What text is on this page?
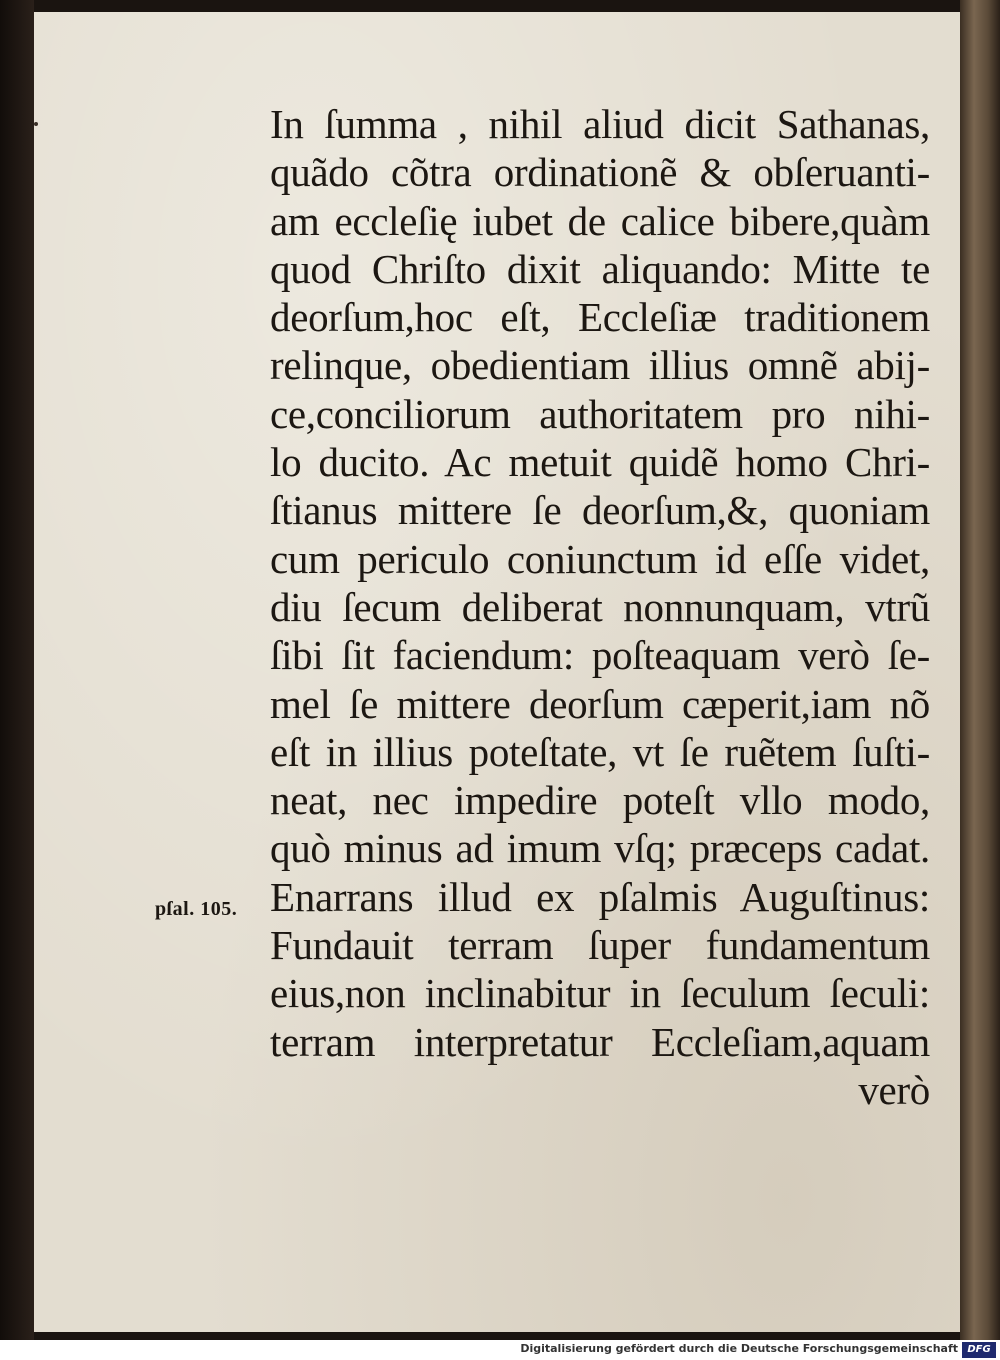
pſal. 105.
In ſumma , nihil aliud dicit Sathanas,
quãdo cõtra ordinationẽ & obſeruanti-
am eccleſię iubet de calice bibere,quàm
quod Chriſto dixit aliquando: Mitte te
deorſum,hoc eſt, Eccleſiæ traditionem
relinque, obedientiam illius omnẽ abij-
ce,conciliorum authoritatem pro nihi-
lo ducito. Ac metuit quidẽ homo Chri-
ſtianus mittere ſe deorſum,&, quoniam
cum periculo coniunctum id eſſe videt,
diu ſecum deliberat nonnunquam, vtrũ
ſibi ſit faciendum: poſteaquam verò ſe-
mel ſe mittere deorſum cæperit,iam nõ
eſt in illius poteſtate, vt ſe ruẽtem ſuſti-
neat, nec impedire poteſt vllo modo,
quò minus ad imum vſq; præceps cadat.
Enarrans illud ex pſalmis Auguſtinus:
Fundauit terram ſuper fundamentum
eius,non inclinabitur in ſeculum ſeculi:
terram interpretatur Eccleſiam,aquam
verò
Digitalisierung gefördert durch die Deutsche Forschungsgemeinschaft DFG
